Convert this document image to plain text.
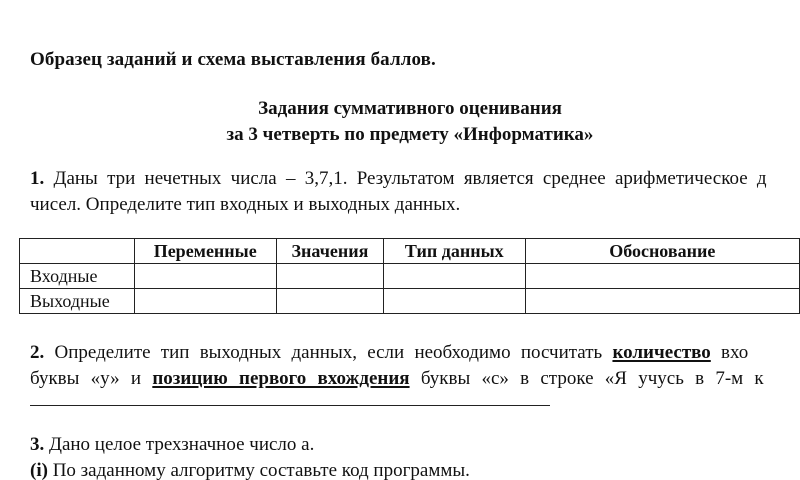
Образец заданий и схема выставления баллов.
Задания суммативного оценивания
за 3 четверть по предмету «Информатика»
1. Даны три нечетных числа – 3,7,1. Результатом является среднее арифметическое д
чисел. Определите тип входных и выходных данных.
	Переменные	Значения	Тип данных	Обоснование
Входные				
Выходные				
2. Определите тип выходных данных, если необходимо посчитать количество вхо
буквы «у» и позицию первого вхождения буквы «с» в строке «Я учусь в 7-м к
3. Дано целое трехзначное число а.
(i) По заданному алгоритму составьте код программы.
